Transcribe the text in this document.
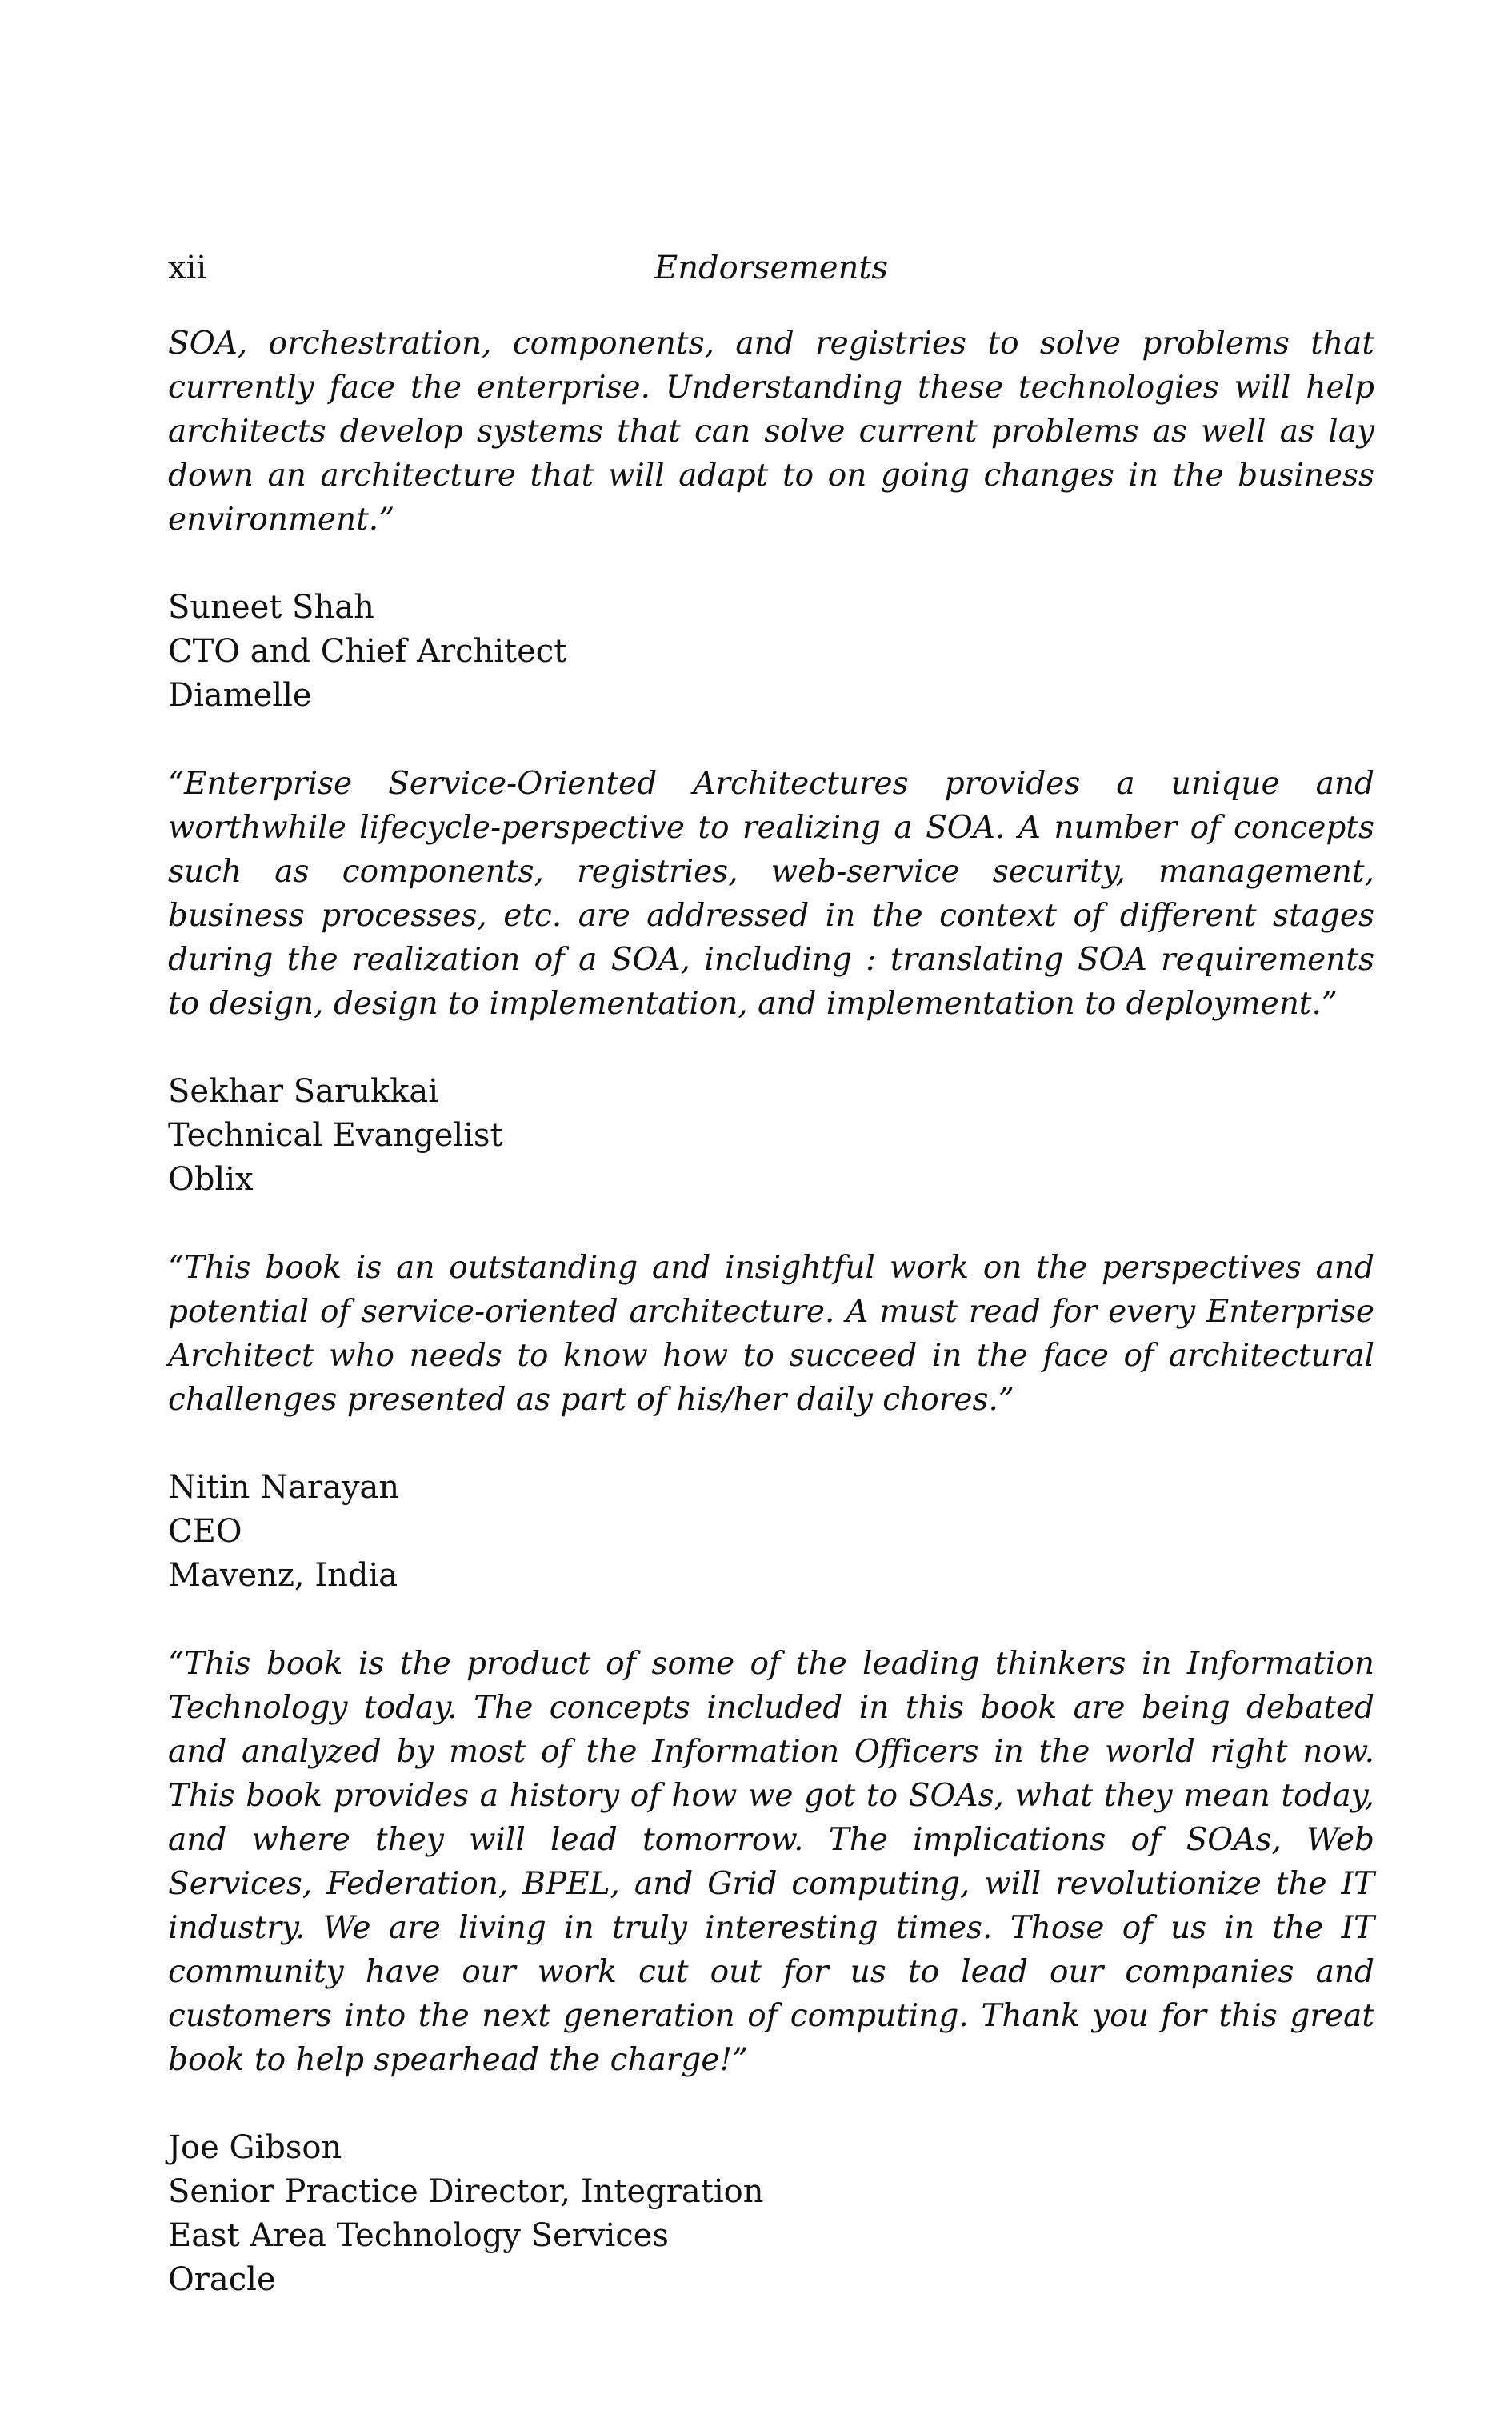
xii	Endorsements

SOA, orchestration, components, and registries to solve problems that currently face the enterprise. Understanding these technologies will help architects develop systems that can solve current problems as well as lay down an architecture that will adapt to on going changes in the business environment.”

Suneet Shah
CTO and Chief Architect
Diamelle

“Enterprise Service-Oriented Architectures provides a unique and worthwhile lifecycle-perspective to realizing a SOA. A number of concepts such as components, registries, web-service security, management, business processes, etc. are addressed in the context of different stages during the realization of a SOA, including : translating SOA requirements to design, design to implementation, and implementation to deployment.”

Sekhar Sarukkai
Technical Evangelist
Oblix

“This book is an outstanding and insightful work on the perspectives and potential of service-oriented architecture. A must read for every Enterprise Architect who needs to know how to succeed in the face of architectural challenges presented as part of his/her daily chores.”

Nitin Narayan
CEO
Mavenz, India

“This book is the product of some of the leading thinkers in Information Technology today. The concepts included in this book are being debated and analyzed by most of the Information Officers in the world right now. This book provides a history of how we got to SOAs, what they mean today, and where they will lead tomorrow. The implications of SOAs, Web Services, Federation, BPEL, and Grid computing, will revolutionize the IT industry. We are living in truly interesting times. Those of us in the IT community have our work cut out for us to lead our companies and customers into the next generation of computing. Thank you for this great book to help spearhead the charge!”

Joe Gibson
Senior Practice Director, Integration
East Area Technology Services
Oracle
